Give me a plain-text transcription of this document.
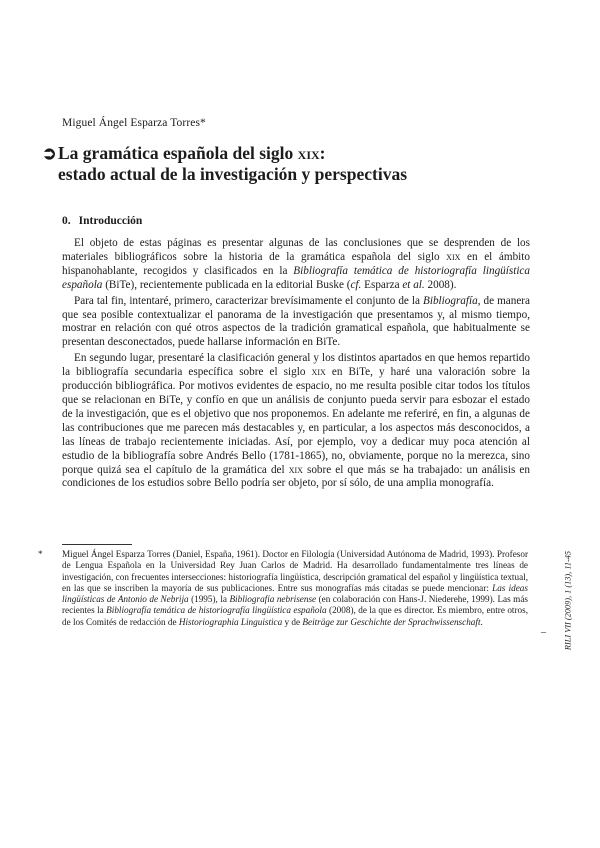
Miguel Ángel Esparza Torres*
➲La gramática española del siglo xix:
estado actual de la investigación y perspectivas
0. Introducción

El objeto de estas páginas es presentar algunas de las conclusiones que se desprenden de los materiales bibliográficos sobre la historia de la gramática española del siglo xix en el ámbito hispanohablante, recogidos y clasificados en la Bibliografía temática de historiografía lingüística española (BiTe), recientemente publicada en la editorial Buske (cf. Esparza et al. 2008).

Para tal fin, intentaré, primero, caracterizar brevísimamente el conjunto de la Bibliografía, de manera que sea posible contextualizar el panorama de la investigación que presentamos y, al mismo tiempo, mostrar en relación con qué otros aspectos de la tradición gramatical española, que habitualmente se presentan desconectados, puede hallarse información en BiTe.

En segundo lugar, presentaré la clasificación general y los distintos apartados en que hemos repartido la bibliografía secundaria específica sobre el siglo xix en BiTe, y haré una valoración sobre la producción bibliográfica. Por motivos evidentes de espacio, no me resulta posible citar todos los títulos que se relacionan en BiTe, y confío en que un análisis de conjunto pueda servir para esbozar el estado de la investigación, que es el objetivo que nos proponemos. En adelante me referiré, en fin, a algunas de las contribuciones que me parecen más destacables y, en particular, a los aspectos más desconocidos, a las líneas de trabajo recientemente iniciadas. Así, por ejemplo, voy a dedicar muy poca atención al estudio de la bibliografía sobre Andrés Bello (1781-1865), no, obviamente, porque no la merezca, sino porque quizá sea el capítulo de la gramática del xix sobre el que más se ha trabajado: un análisis en condiciones de los estudios sobre Bello podría ser objeto, por sí sólo, de una amplia monografía.

* Miguel Ángel Esparza Torres (Daniel, España, 1961). Doctor en Filología (Universidad Autónoma de Madrid, 1993). Profesor de Lengua Española en la Universidad Rey Juan Carlos de Madrid. Ha desarrollado fundamentalmente tres líneas de investigación, con frecuentes intersecciones: historiografía lingüística, descripción gramatical del español y lingüística textual, en las que se inscriben la mayoría de sus publicaciones. Entre sus monografías más citadas se puede mencionar: Las ideas lingüísticas de Antonio de Nebrija (1995), la Bibliografía nebrisense (en colaboración con Hans-J. Niederehe, 1999). Las más recientes la Bibliografía temática de historiografía lingüística española (2008), de la que es director. Es miembro, entre otros, de los Comités de redacción de Historiographia Linguistica y de Beiträge zur Geschichte der Sprachwissenschaft.	RILI VII (2009), 1 (13), 11-45
–
